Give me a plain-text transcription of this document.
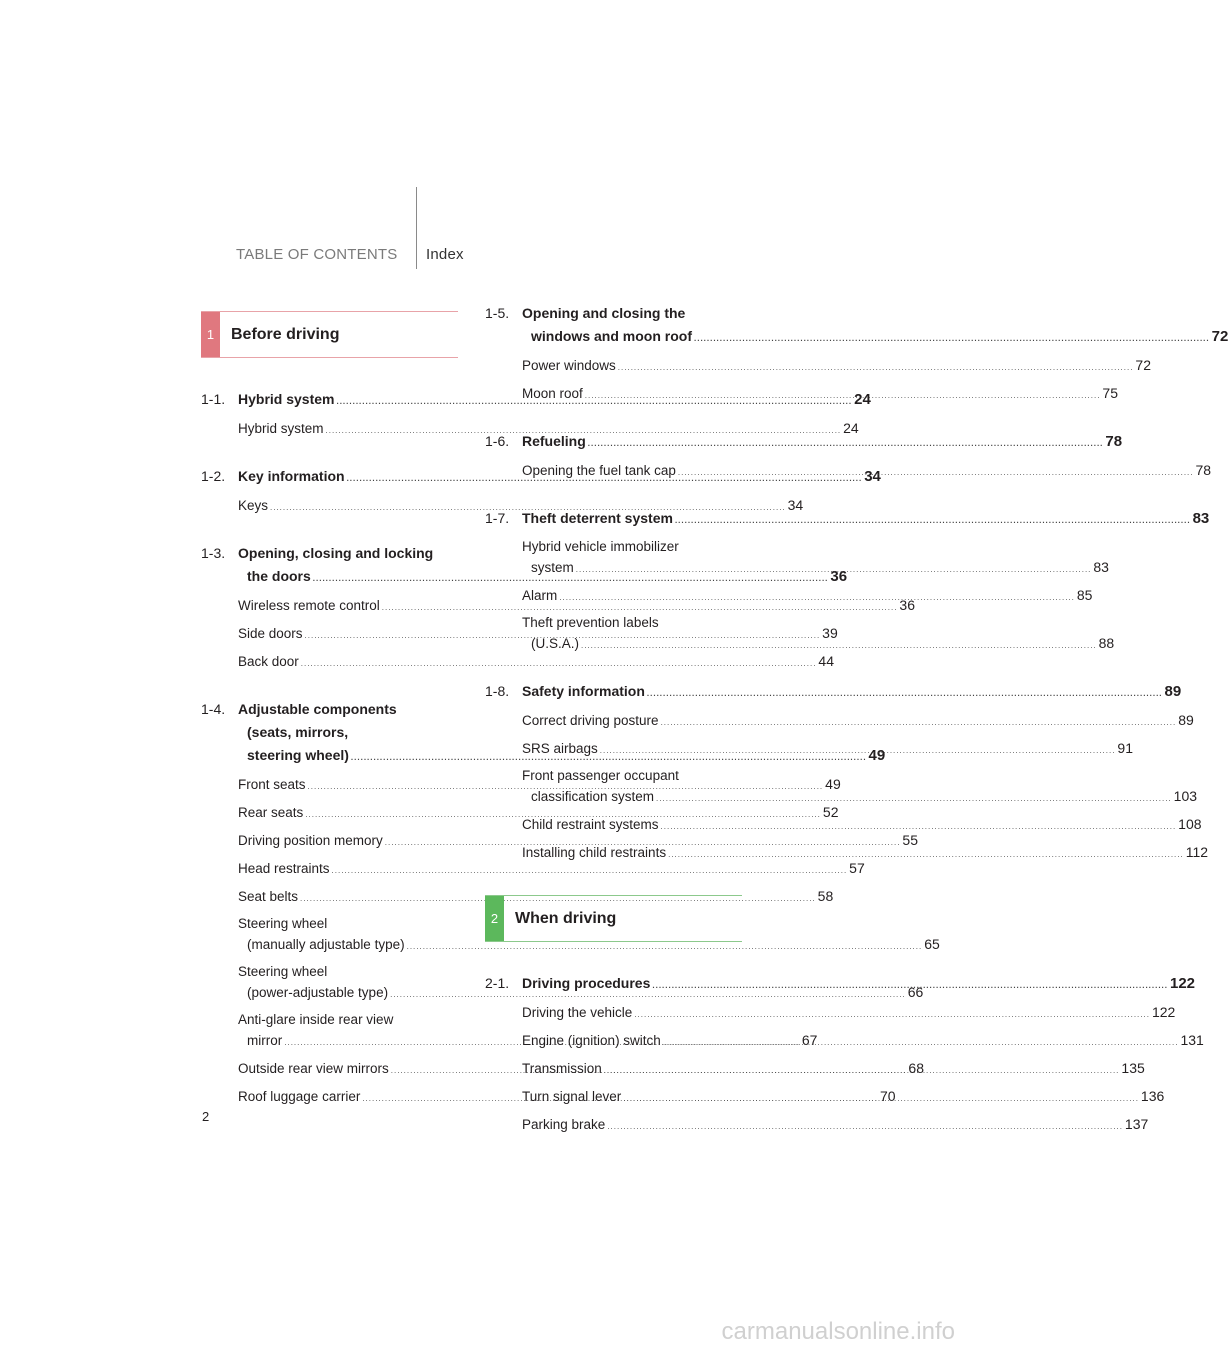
TABLE OF CONTENTS Index
1	Before driving
1-1. Hybrid system .....	24
Hybrid system .....	24
1-2. Key information .....	34
Keys .....	34
1-3. Opening, closing and locking
the doors .....	36
Wireless remote control .....	36
Side doors .....	39
Back door .....	44
1-4. Adjustable components
(seats, mirrors,
steering wheel) .....	49
Front seats .....	49
Rear seats .....	52
Driving position memory .....	55
Head restraints .....	57
Seat belts .....	58
Steering wheel
(manually adjustable type) .....	65
Steering wheel
(power-adjustable type) .....	66
Anti-glare inside rear view
mirror .....	67
Outside rear view mirrors .....	68
Roof luggage carrier .....	70
1-5. Opening and closing the
windows and moon roof .....	72
Power windows .....	72
Moon roof .....	75
1-6. Refueling .....	78
Opening the fuel tank cap .....	78
1-7. Theft deterrent system .....	83
Hybrid vehicle immobilizer
system .....	83
Alarm .....	85
Theft prevention labels
(U.S.A.) .....	88
1-8. Safety information .....	89
Correct driving posture .....	89
SRS airbags .....	91
Front passenger occupant
classification system .....	103
Child restraint systems .....	108
Installing child restraints .....	112
2	When driving
2-1. Driving procedures .....	122
Driving the vehicle .....	122
Engine (ignition) switch .....	131
Transmission .....	135
Turn signal lever .....	136
Parking brake .....	137
2
carmanualsonline.info
